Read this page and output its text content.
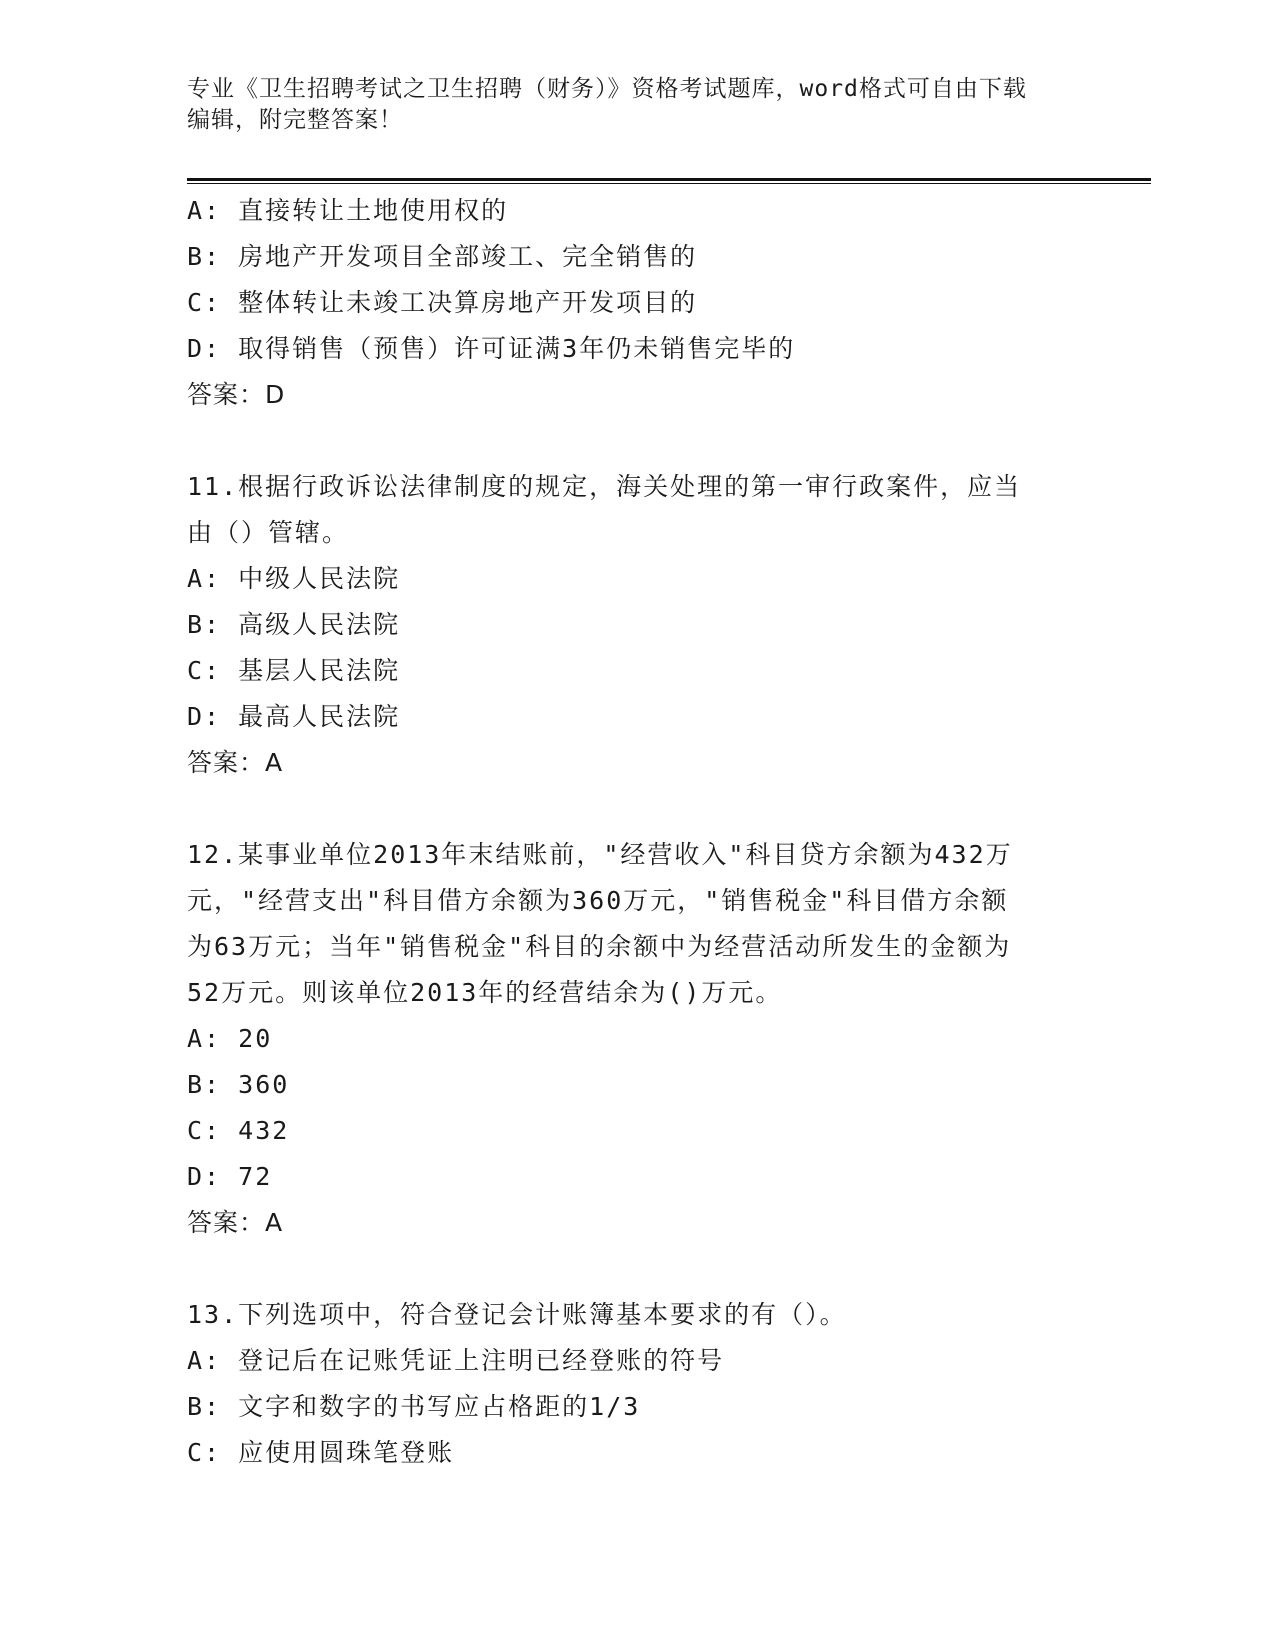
专业《卫生招聘考试之卫生招聘（财务）》资格考试题库，word格式可自由下载
编辑，附完整答案！
A: 直接转让土地使用权的
B: 房地产开发项目全部竣工、完全销售的
C: 整体转让未竣工决算房地产开发项目的
D: 取得销售（预售）许可证满3年仍未销售完毕的
答案：D
11.根据行政诉讼法律制度的规定，海关处理的第一审行政案件，应当
由（）管辖。
A: 中级人民法院
B: 高级人民法院
C: 基层人民法院
D: 最高人民法院
答案：A
12.某事业单位2013年末结账前，"经营收入"科目贷方余额为432万
元，"经营支出"科目借方余额为360万元，"销售税金"科目借方余额
为63万元；当年"销售税金"科目的余额中为经营活动所发生的金额为
52万元。则该单位2013年的经营结余为()万元。
A: 20
B: 360
C: 432
D: 72
答案：A
13.下列选项中，符合登记会计账簿基本要求的有（）。
A: 登记后在记账凭证上注明已经登账的符号
B: 文字和数字的书写应占格距的1/3
C: 应使用圆珠笔登账
